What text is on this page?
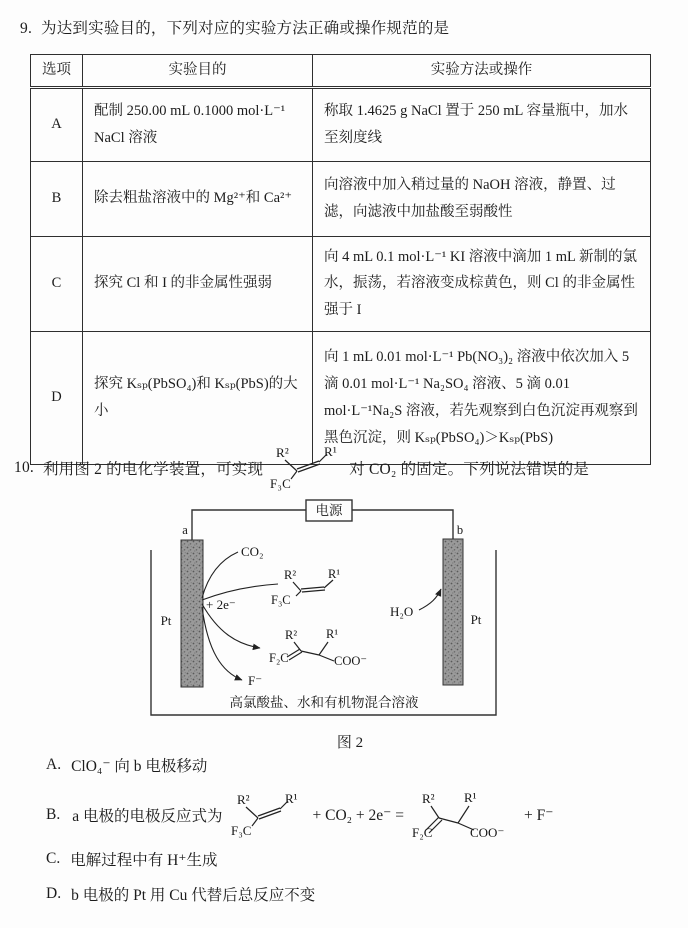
9. 为达到实验目的，下列对应的实验方法正确或操作规范的是
选项	实验目的	实验方法或操作
A	配制 250.00 mL 0.1000 mol·L⁻¹ NaCl 溶液	称取 1.4625 g NaCl 置于 250 mL 容量瓶中，加水至刻度线
B	除去粗盐溶液中的 Mg²⁺和 Ca²⁺	向溶液中加入稍过量的 NaOH 溶液，静置、过滤，向滤液中加盐酸至弱酸性
C	探究 Cl 和 I 的非金属性强弱	向 4 mL 0.1 mol·L⁻¹ KI 溶液中滴加 1 mL 新制的氯水，振荡，若溶液变成棕黄色，则 Cl 的非金属性强于 I
D	探究 Kₛₚ(PbSO₄)和 Kₛₚ(PbS)的大小	向 1 mL 0.01 mol·L⁻¹ Pb(NO₃)₂ 溶液中依次加入 5 滴 0.01 mol·L⁻¹ Na₂SO₄ 溶液、5 滴 0.01 mol·L⁻¹Na₂S 溶液，若先观察到白色沉淀再观察到黑色沉淀，则 Kₛₚ(PbSO₄)＞Kₛₚ(PbS)
10. 利用图 2 的电化学装置，可实现
R²
F₃C
R¹
对 CO₂ 的固定。下列说法错误的是
电源
a	b
Pt	Pt
CO₂
+ 2e⁻
F⁻
H₂O
R²	R¹
F₃C
R² R¹
F₂C	COO⁻
高氯酸盐、水和有机物混合溶液
图 2
A. ClO₄⁻ 向 b 电极移动
B. a 电极的电极反应式为
R²
F₃C
R¹
+ CO₂ + 2e⁻ =
R² R¹
F₂C	COO⁻
+ F⁻
C. 电解过程中有 H⁺生成
D. b 电极的 Pt 用 Cu 代替后总反应不变
